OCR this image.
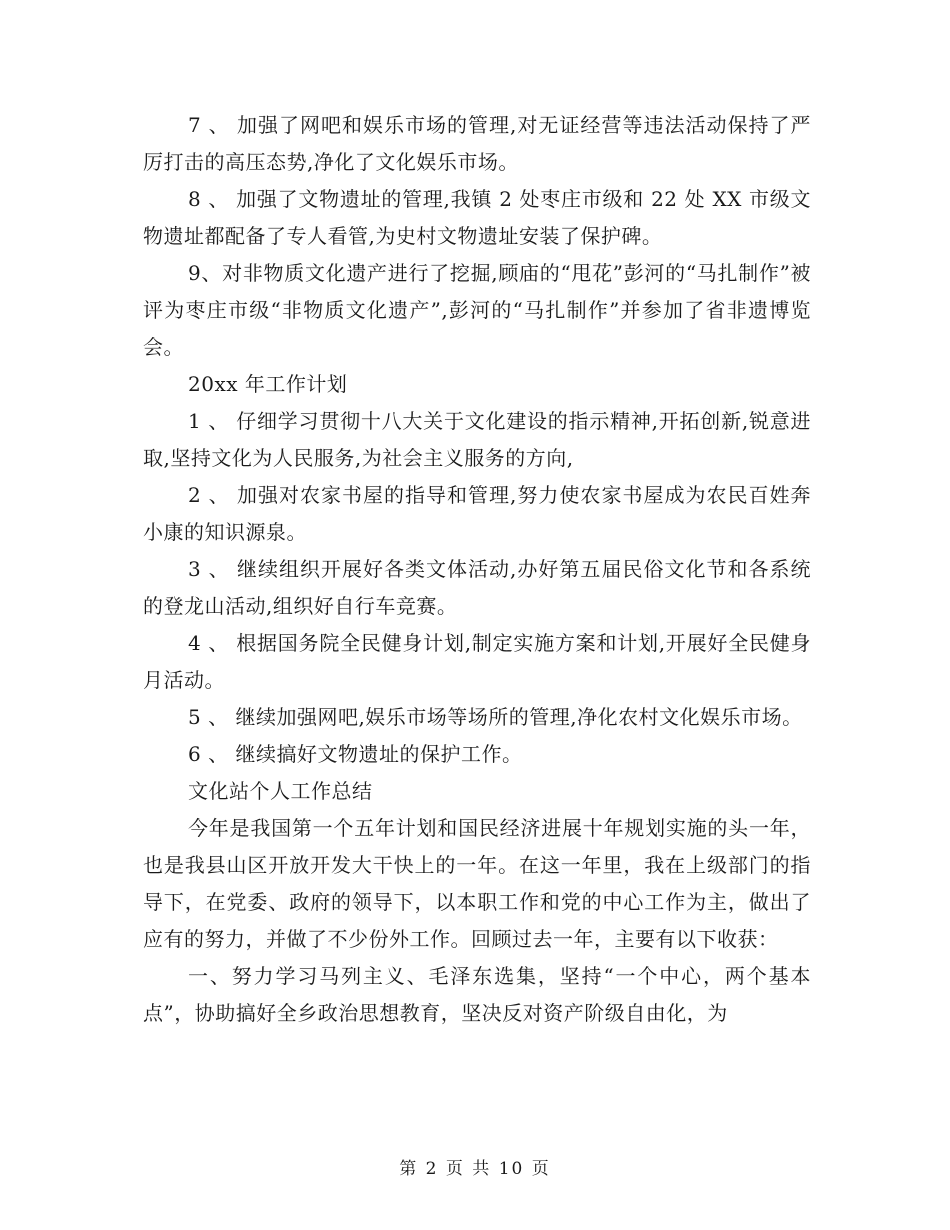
7 、 加强了网吧和娱乐市场的管理,对无证经营等违法活动保持了严厉打击的高压态势,净化了文化娱乐市场。

8 、 加强了文物遗址的管理,我镇 2 处枣庄市级和 22 处 XX 市级文物遗址都配备了专人看管,为史村文物遗址安装了保护碑。

9、对非物质文化遗产进行了挖掘,顾庙的“甩花”彭河的“马扎制作”被评为枣庄市级“非物质文化遗产”,彭河的“马扎制作”并参加了省非遗博览会。

20xx 年工作计划

1 、 仔细学习贯彻十八大关于文化建设的指示精神,开拓创新,锐意进取,坚持文化为人民服务,为社会主义服务的方向,

2 、 加强对农家书屋的指导和管理,努力使农家书屋成为农民百姓奔小康的知识源泉。

3 、 继续组织开展好各类文体活动,办好第五届民俗文化节和各系统的登龙山活动,组织好自行车竞赛。

4 、 根据国务院全民健身计划,制定实施方案和计划,开展好全民健身月活动。

5 、 继续加强网吧,娱乐市场等场所的管理,净化农村文化娱乐市场。

6 、 继续搞好文物遗址的保护工作。

文化站个人工作总结

今年是我国第一个五年计划和国民经济进展十年规划实施的头一年，也是我县山区开放开发大干快上的一年。在这一年里，我在上级部门的指导下，在党委、政府的领导下，以本职工作和党的中心工作为主，做出了应有的努力，并做了不少份外工作。回顾过去一年，主要有以下收获：

一、努力学习马列主义、毛泽东选集，坚持“一个中心，两个基本点”，协助搞好全乡政治思想教育，坚决反对资产阶级自由化，为

第 2 页 共 10 页
